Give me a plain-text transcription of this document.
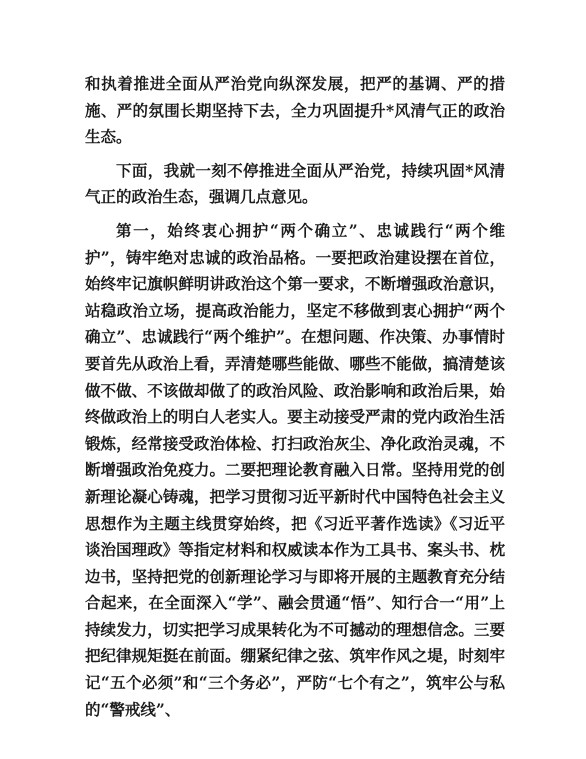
和执着推进全面从严治党向纵深发展，把严的基调、严的措施、严的氛围长期坚持下去，全力巩固提升*风清气正的政治生态。

下面，我就一刻不停推进全面从严治党，持续巩固*风清气正的政治生态，强调几点意见。

第一，始终衷心拥护“两个确立”、忠诚践行“两个维护”，铸牢绝对忠诚的政治品格。一要把政治建设摆在首位，始终牢记旗帜鲜明讲政治这个第一要求，不断增强政治意识，站稳政治立场，提高政治能力，坚定不移做到衷心拥护“两个确立”、忠诚践行“两个维护”。在想问题、作决策、办事情时要首先从政治上看，弄清楚哪些能做、哪些不能做，搞清楚该做不做、不该做却做了的政治风险、政治影响和政治后果，始终做政治上的明白人老实人。要主动接受严肃的党内政治生活锻炼，经常接受政治体检、打扫政治灰尘、净化政治灵魂，不断增强政治免疫力。二要把理论教育融入日常。坚持用党的创新理论凝心铸魂，把学习贯彻习近平新时代中国特色社会主义思想作为主题主线贯穿始终，把《习近平著作选读》《习近平谈治国理政》等指定材料和权威读本作为工具书、案头书、枕边书，坚持把党的创新理论学习与即将开展的主题教育充分结合起来，在全面深入“学”、融会贯通“悟”、知行合一“用”上持续发力，切实把学习成果转化为不可撼动的理想信念。三要把纪律规矩挺在前面。绷紧纪律之弦、筑牢作风之堤，时刻牢记“五个必须”和“三个务必”，严防“七个有之”，筑牢公与私的“警戒线”、
